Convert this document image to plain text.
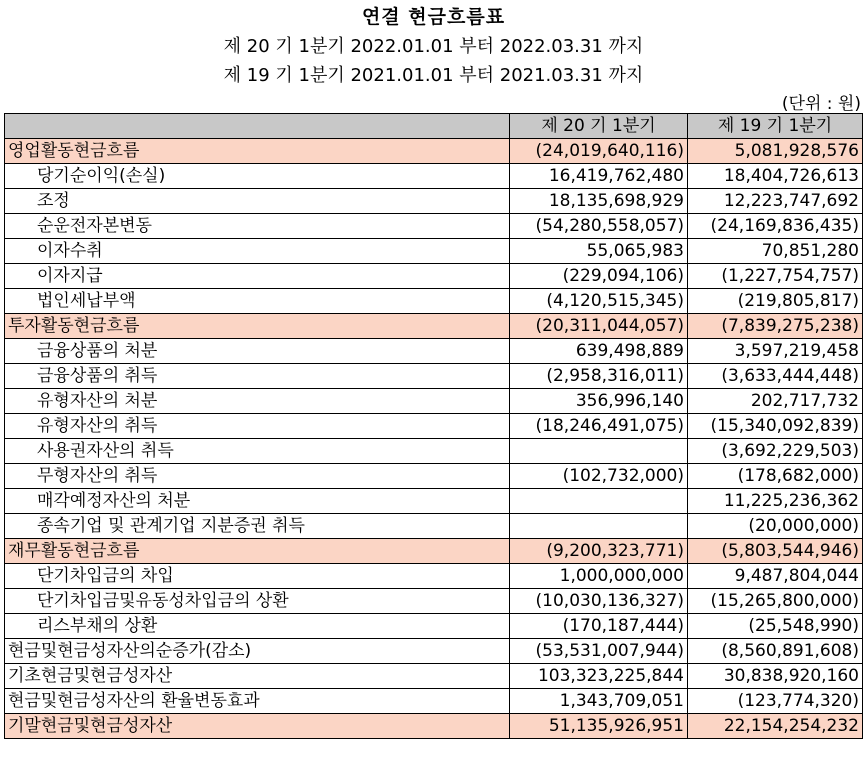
연결 현금흐름표
제 20 기 1분기 2022.01.01 부터 2022.03.31 까지
제 19 기 1분기 2021.01.01 부터 2021.03.31 까지
(단위 : 원)
	제 20 기 1분기	제 19 기 1분기
영업활동현금흐름	(24,019,640,116)	5,081,928,576
당기순이익(손실)	16,419,762,480	18,404,726,613
조정	18,135,698,929	12,223,747,692
순운전자본변동	(54,280,558,057)	(24,169,836,435)
이자수취	55,065,983	70,851,280
이자지급	(229,094,106)	(1,227,754,757)
법인세납부액	(4,120,515,345)	(219,805,817)
투자활동현금흐름	(20,311,044,057)	(7,839,275,238)
금융상품의 처분	639,498,889	3,597,219,458
금융상품의 취득	(2,958,316,011)	(3,633,444,448)
유형자산의 처분	356,996,140	202,717,732
유형자산의 취득	(18,246,491,075)	(15,340,092,839)
사용권자산의 취득		(3,692,229,503)
무형자산의 취득	(102,732,000)	(178,682,000)
매각예정자산의 처분		11,225,236,362
종속기업 및 관계기업 지분증권 취득		(20,000,000)
재무활동현금흐름	(9,200,323,771)	(5,803,544,946)
단기차입금의 차입	1,000,000,000	9,487,804,044
단기차입금및유동성차입금의 상환	(10,030,136,327)	(15,265,800,000)
리스부채의 상환	(170,187,444)	(25,548,990)
현금및현금성자산의순증가(감소)	(53,531,007,944)	(8,560,891,608)
기초현금및현금성자산	103,323,225,844	30,838,920,160
현금및현금성자산의 환율변동효과	1,343,709,051	(123,774,320)
기말현금및현금성자산	51,135,926,951	22,154,254,232
